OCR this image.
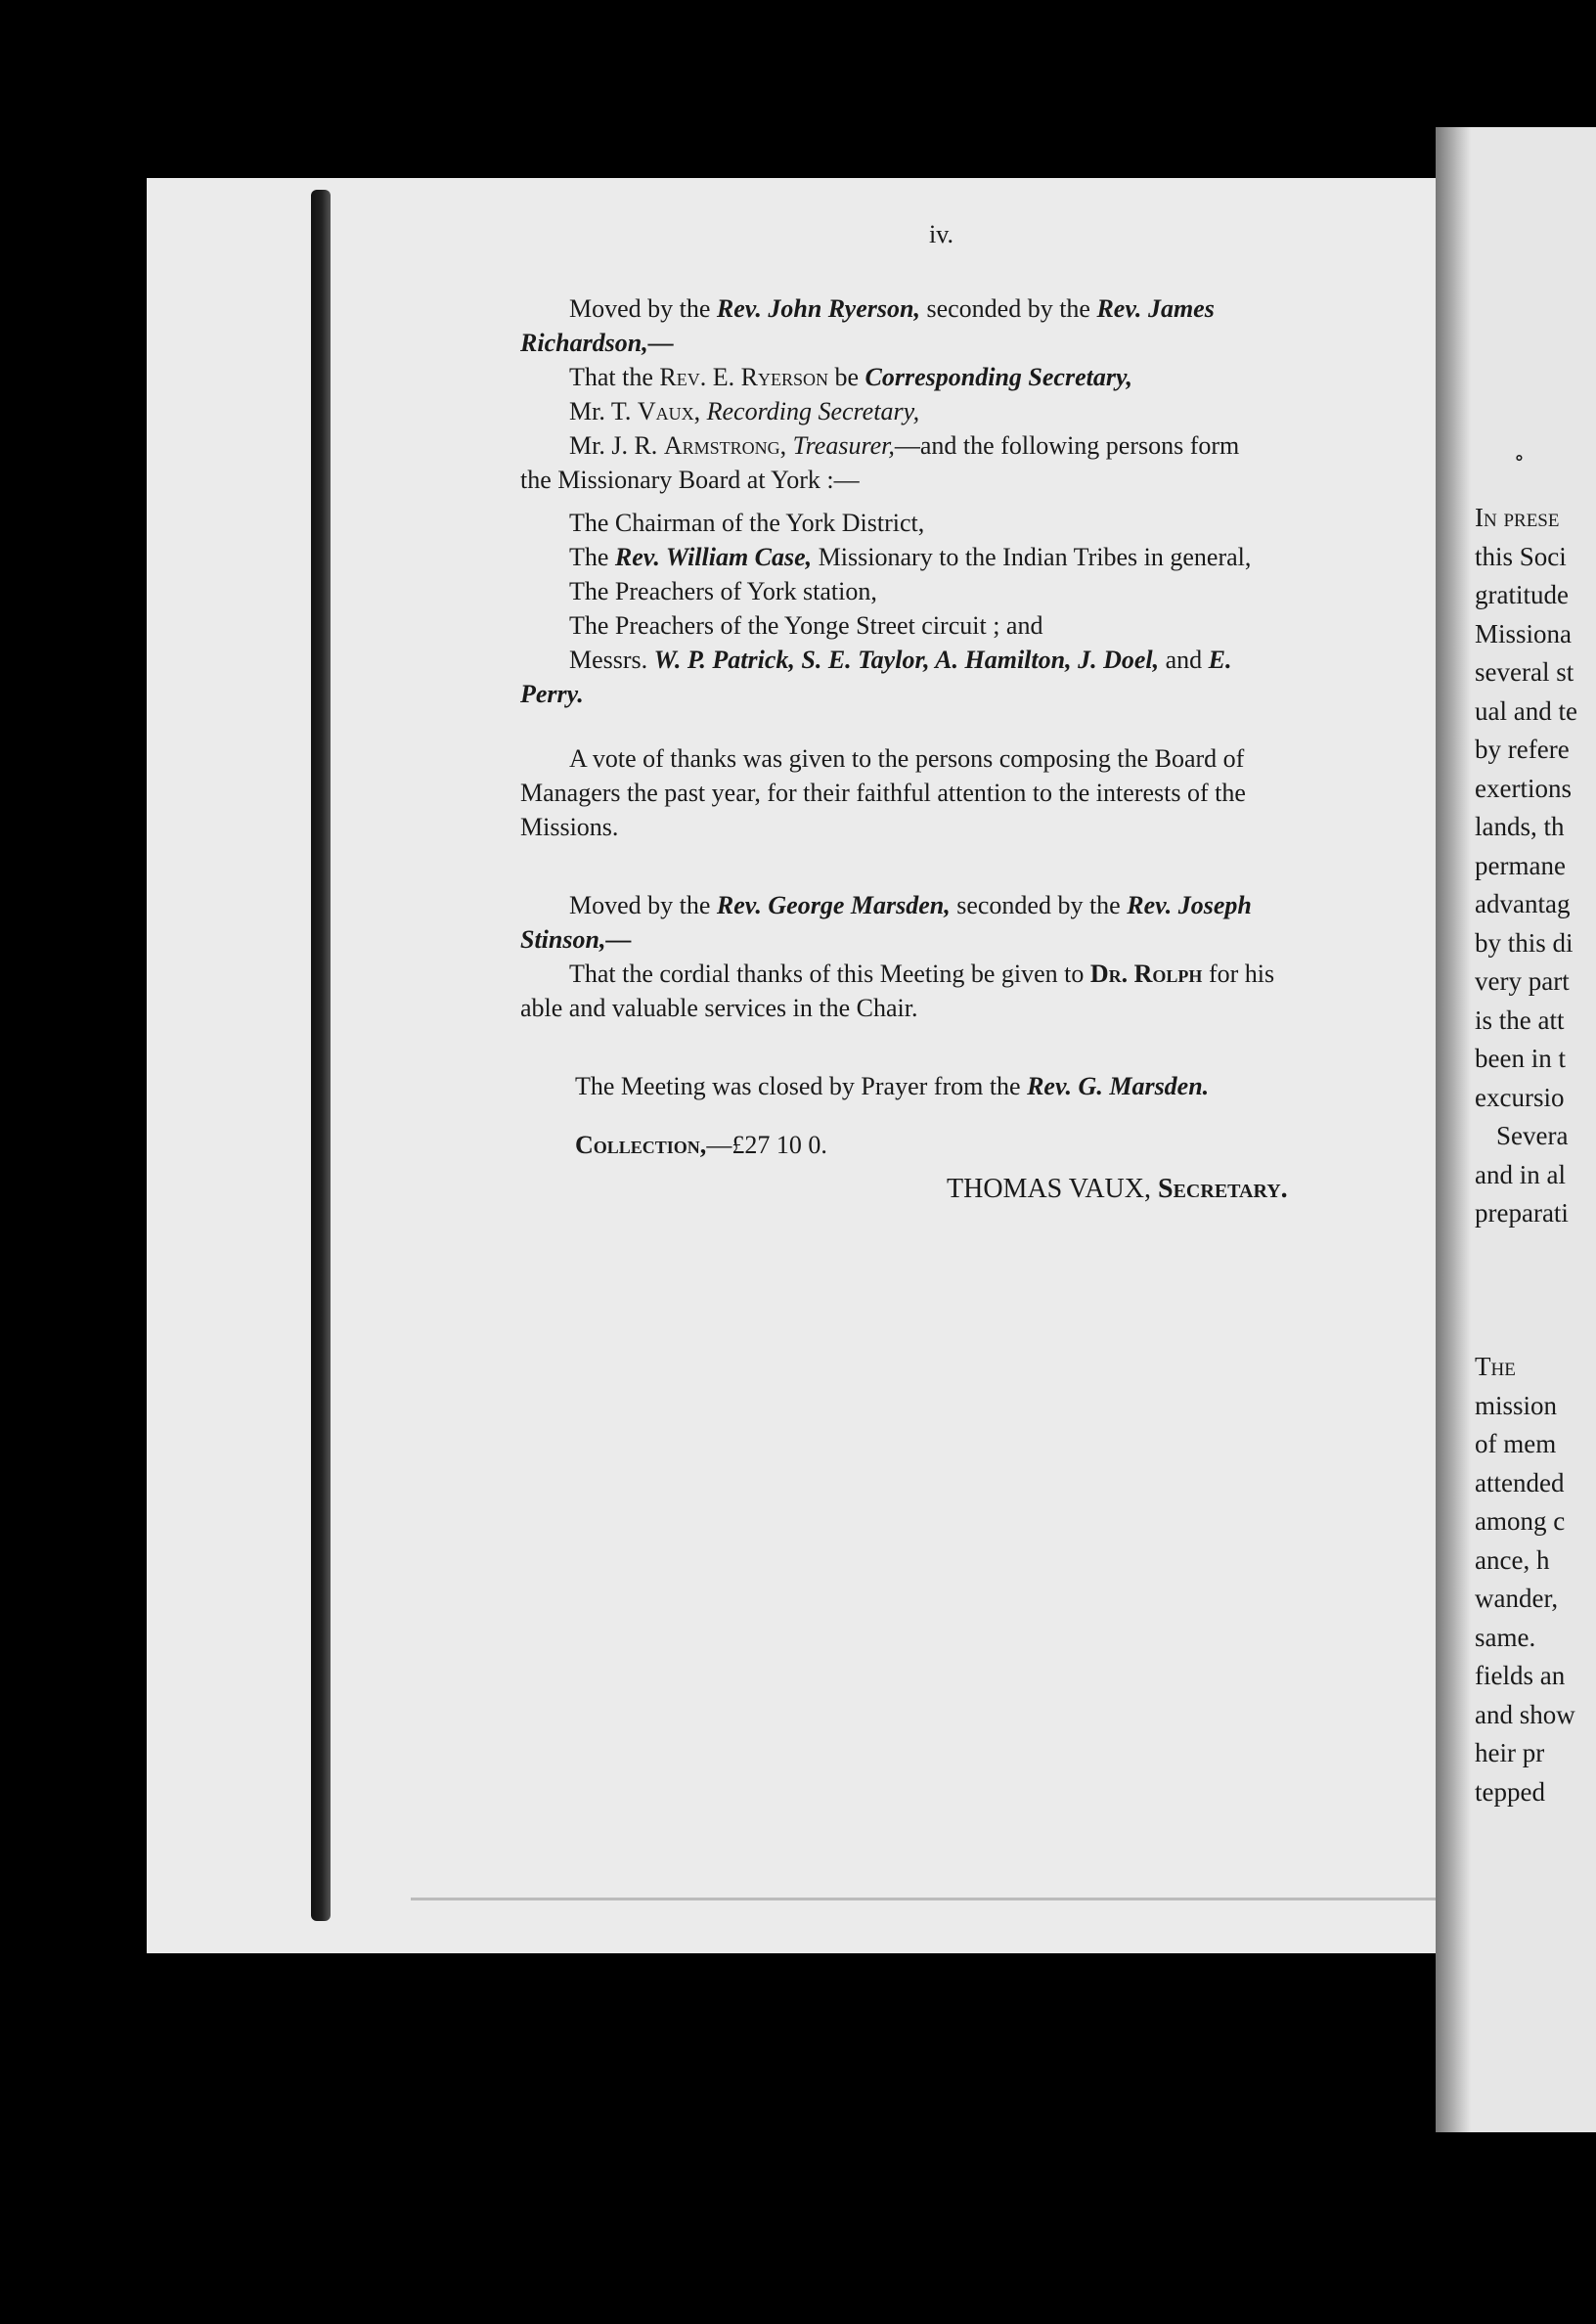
iv.
Moved by the Rev. John Ryerson, seconded by the Rev. James
Richardson,—
That the Rev. E. Ryerson be Corresponding Secretary,
Mr. T. Vaux, Recording Secretary,
Mr. J. R. Armstrong, Treasurer,—and the following persons form
the Missionary Board at York :—
The Chairman of the York District,
The Rev. William Case, Missionary to the Indian Tribes in general,
The Preachers of York station,
The Preachers of the Yonge Street circuit ; and
Messrs. W. P. Patrick, S. E. Taylor, A. Hamilton, J. Doel, and E.
Perry.
A vote of thanks was given to the persons composing the Board of
Managers the past year, for their faithful attention to the interests of the
Missions.
Moved by the Rev. George Marsden, seconded by the Rev. Joseph
Stinson,—
That the cordial thanks of this Meeting be given to Dr. Rolph for his
able and valuable services in the Chair.
The Meeting was closed by Prayer from the Rev. G. Marsden.
Collection,—£27 10 0.
THOMAS VAUX, Secretary.
∘
In prese
this Soci
gratitude
Missiona
several st
ual and te
by refere
exertions
lands, th
permane
advantag
by this di
very part
is the att
been in t
excursio
Severa
and in al
preparati
The
mission
of mem
attended
among c
ance, h
wander,
same.
fields an
and show
heir pr
tepped
